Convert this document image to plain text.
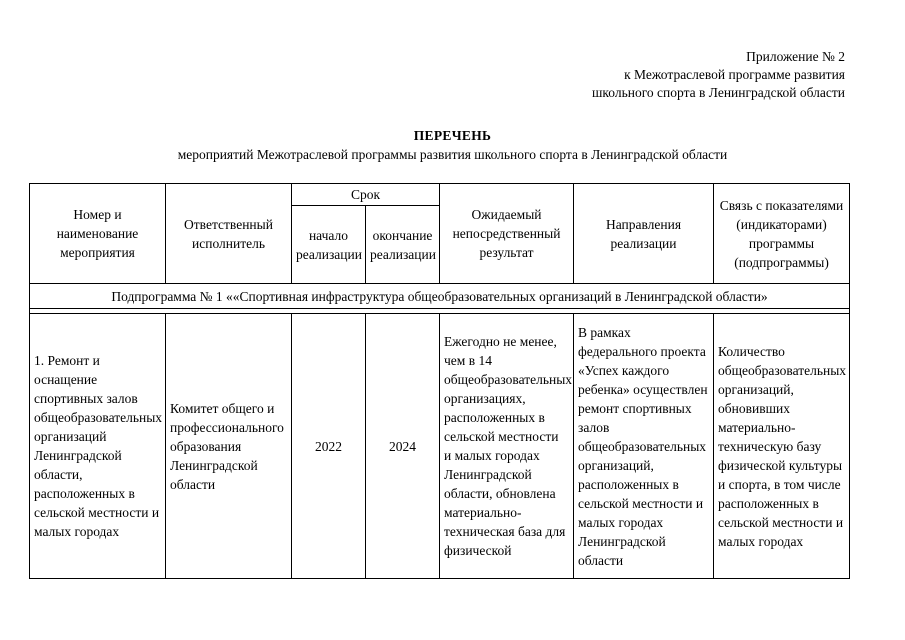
Приложение № 2
к Межотраслевой программе развития
школьного спорта в Ленинградской области
ПЕРЕЧЕНЬ
мероприятий Межотраслевой программы развития школьного спорта в Ленинградской области
Номер и наименование мероприятия	Ответственный исполнитель	Срок		Ожидаемый непосредственный результат	Направления реализации	Связь с показателями (индикаторами) программы (подпрограммы)
		начало реализации	окончание реализации			
Подпрограмма № 1 ««Спортивная инфраструктура общеобразовательных организаций в Ленинградской области»						

1. Ремонт и оснащение спортивных залов общеобразовательных организаций Ленинградской области, расположенных в сельской местности и малых городах	Комитет общего и профессионального образования Ленинградской области	2022	2024	Ежегодно не менее, чем в 14 общеобразовательных организациях, расположенных в сельской местности и малых городах Ленинградской области, обновлена материально-техническая база для физической	В рамках федерального проекта «Успех каждого ребенка» осуществлен ремонт спортивных залов общеобразовательных организаций, расположенных в сельской местности и малых городах Ленинградской области	Количество общеобразовательных организаций, обновивших материально-техническую базу физической культуры и спорта, в том числе расположенных в сельской местности и малых городах
